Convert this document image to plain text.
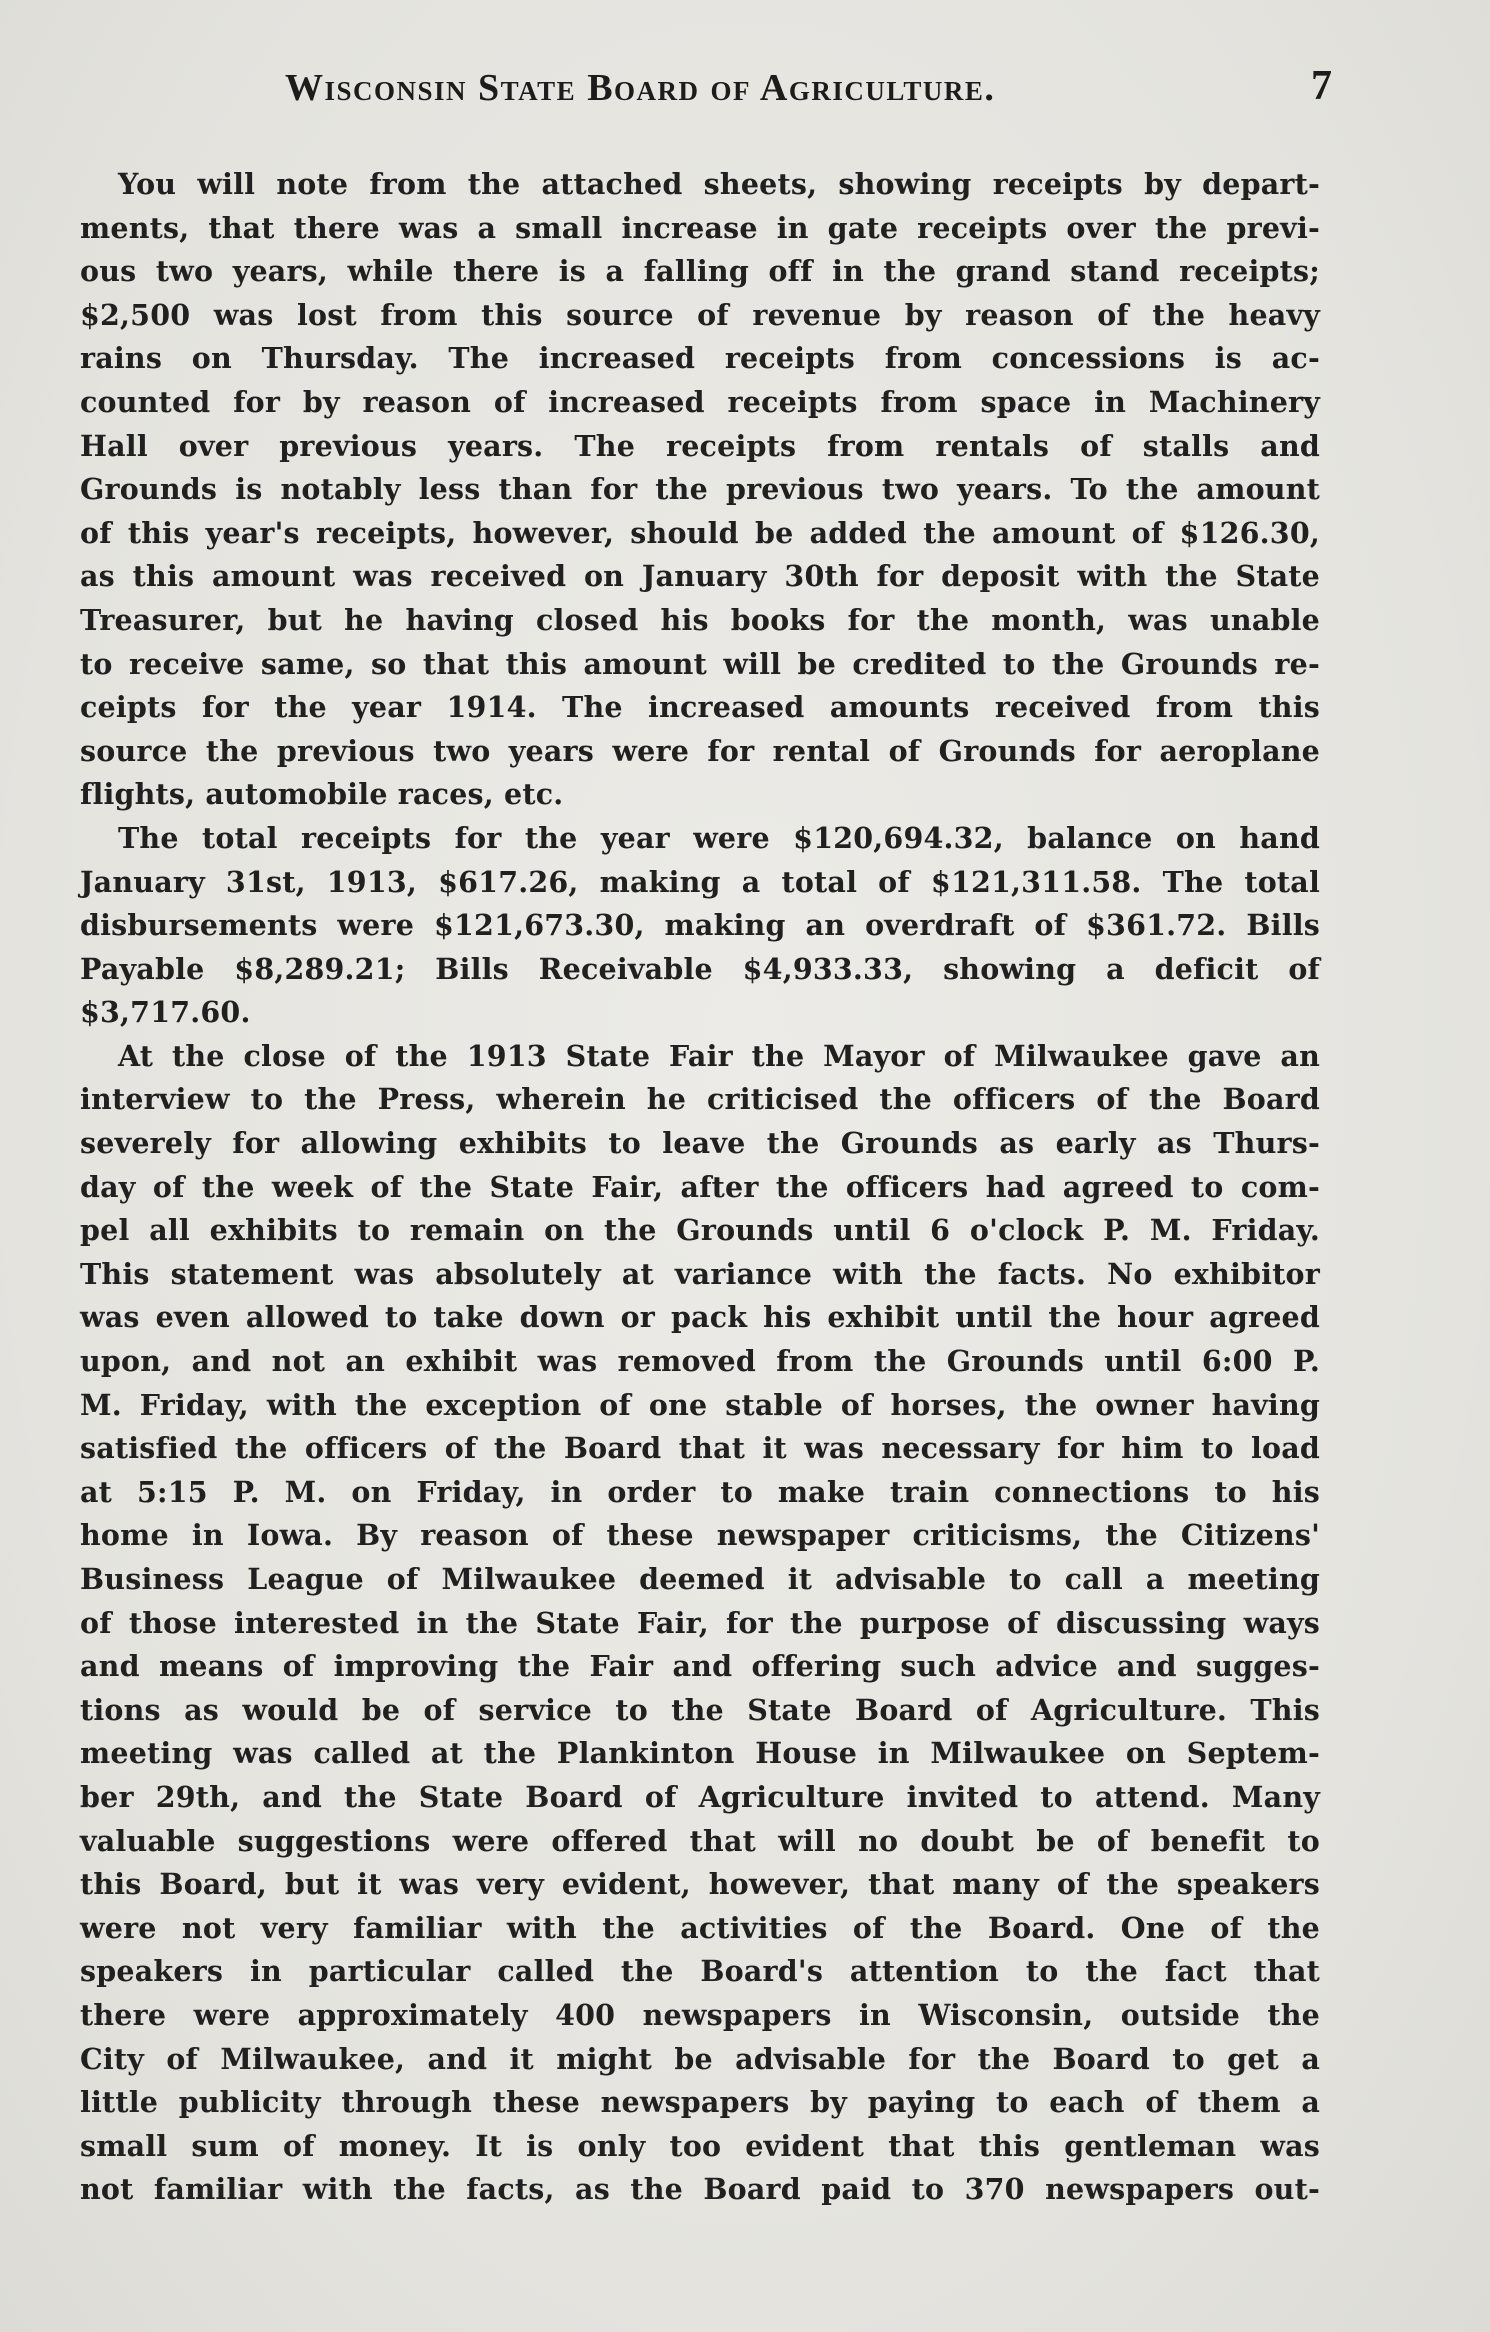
Wisconsin State Board of Agriculture.	7
You will note from the attached sheets, showing receipts by depart-
ments, that there was a small increase in gate receipts over the previ-
ous two years, while there is a falling off in the grand stand receipts;
$2,500 was lost from this source of revenue by reason of the heavy
rains on Thursday. The increased receipts from concessions is ac-
counted for by reason of increased receipts from space in Machinery
Hall over previous years. The receipts from rentals of stalls and
Grounds is notably less than for the previous two years. To the amount
of this year's receipts, however, should be added the amount of $126.30,
as this amount was received on January 30th for deposit with the State
Treasurer, but he having closed his books for the month, was unable
to receive same, so that this amount will be credited to the Grounds re-
ceipts for the year 1914. The increased amounts received from this
source the previous two years were for rental of Grounds for aeroplane
flights, automobile races, etc.
The total receipts for the year were $120,694.32, balance on hand
January 31st, 1913, $617.26, making a total of $121,311.58. The total
disbursements were $121,673.30, making an overdraft of $361.72. Bills
Payable $8,289.21; Bills Receivable $4,933.33, showing a deficit of
$3,717.60.
At the close of the 1913 State Fair the Mayor of Milwaukee gave an
interview to the Press, wherein he criticised the officers of the Board
severely for allowing exhibits to leave the Grounds as early as Thurs-
day of the week of the State Fair, after the officers had agreed to com-
pel all exhibits to remain on the Grounds until 6 o'clock P. M. Friday.
This statement was absolutely at variance with the facts. No exhibitor
was even allowed to take down or pack his exhibit until the hour agreed
upon, and not an exhibit was removed from the Grounds until 6:00 P.
M. Friday, with the exception of one stable of horses, the owner having
satisfied the officers of the Board that it was necessary for him to load
at 5:15 P. M. on Friday, in order to make train connections to his
home in Iowa. By reason of these newspaper criticisms, the Citizens'
Business League of Milwaukee deemed it advisable to call a meeting
of those interested in the State Fair, for the purpose of discussing ways
and means of improving the Fair and offering such advice and sugges-
tions as would be of service to the State Board of Agriculture. This
meeting was called at the Plankinton House in Milwaukee on Septem-
ber 29th, and the State Board of Agriculture invited to attend. Many
valuable suggestions were offered that will no doubt be of benefit to
this Board, but it was very evident, however, that many of the speakers
were not very familiar with the activities of the Board. One of the
speakers in particular called the Board's attention to the fact that
there were approximately 400 newspapers in Wisconsin, outside the
City of Milwaukee, and it might be advisable for the Board to get a
little publicity through these newspapers by paying to each of them a
small sum of money. It is only too evident that this gentleman was
not familiar with the facts, as the Board paid to 370 newspapers out-
